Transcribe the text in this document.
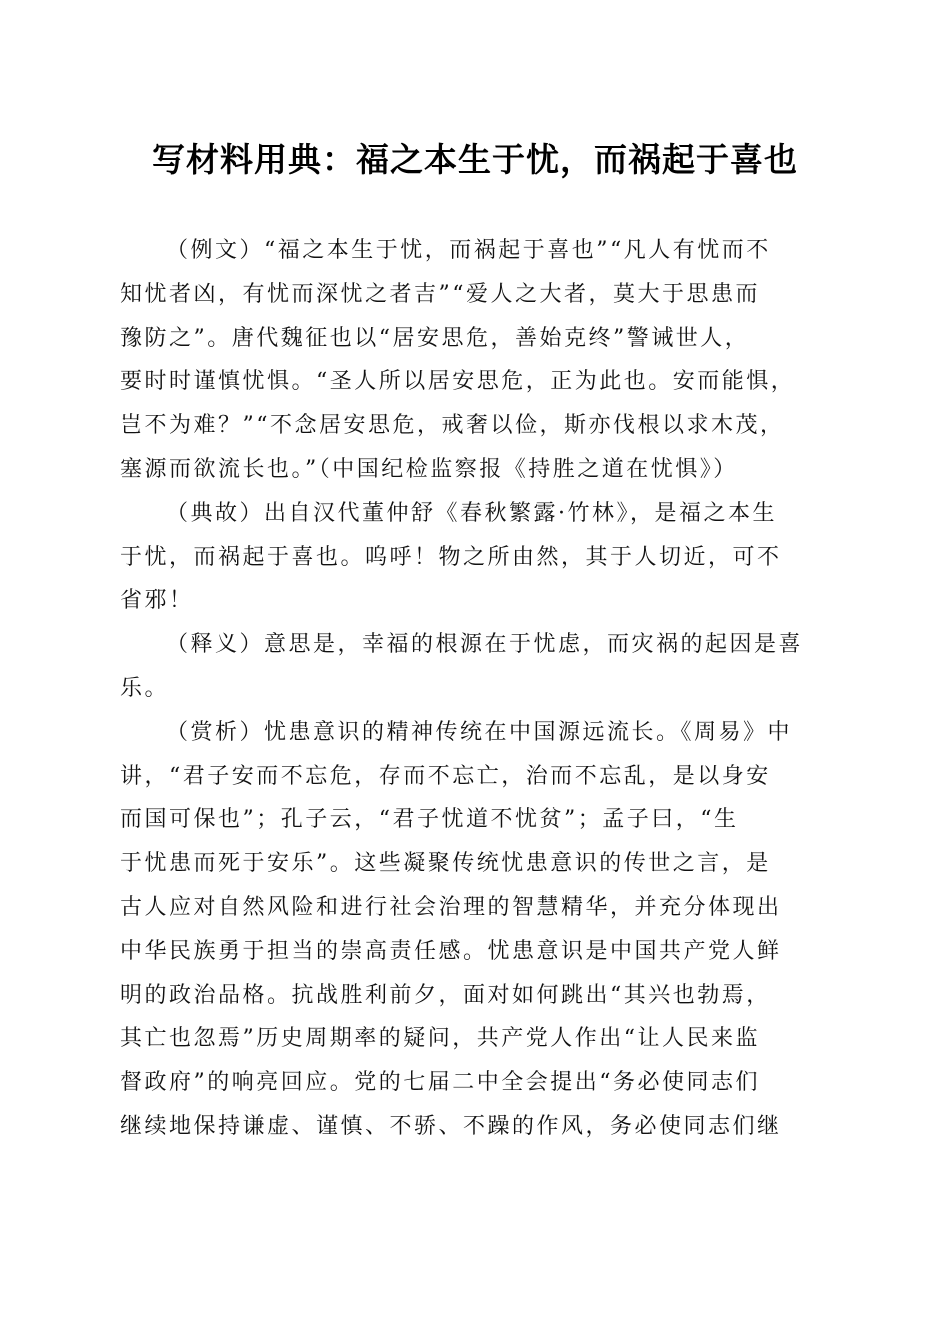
写材料用典：福之本生于忧，而祸起于喜也
（例文）“福之本生于忧，而祸起于喜也”“凡人有忧而不
知忧者凶，有忧而深忧之者吉”“爱人之大者，莫大于思患而
豫防之”。唐代魏征也以“居安思危，善始克终”警诫世人，
要时时谨慎忧惧。“圣人所以居安思危，正为此也。安而能惧，
岂不为难？”“不念居安思危，戒奢以俭，斯亦伐根以求木茂，
塞源而欲流长也。”（中国纪检监察报《持胜之道在忧惧》）
（典故）出自汉代董仲舒《春秋繁露·竹林》，是福之本生
于忧，而祸起于喜也。呜呼！物之所由然，其于人切近，可不
省邪！
（释义）意思是，幸福的根源在于忧虑，而灾祸的起因是喜
乐。
（赏析）忧患意识的精神传统在中国源远流长。《周易》中
讲，“君子安而不忘危，存而不忘亡，治而不忘乱，是以身安
而国可保也”；孔子云，“君子忧道不忧贫”；孟子曰，“生
于忧患而死于安乐”。这些凝聚传统忧患意识的传世之言，是
古人应对自然风险和进行社会治理的智慧精华，并充分体现出
中华民族勇于担当的崇高责任感。忧患意识是中国共产党人鲜
明的政治品格。抗战胜利前夕，面对如何跳出“其兴也勃焉，
其亡也忽焉”历史周期率的疑问，共产党人作出“让人民来监
督政府”的响亮回应。党的七届二中全会提出“务必使同志们
继续地保持谦虚、谨慎、不骄、不躁的作风，务必使同志们继
